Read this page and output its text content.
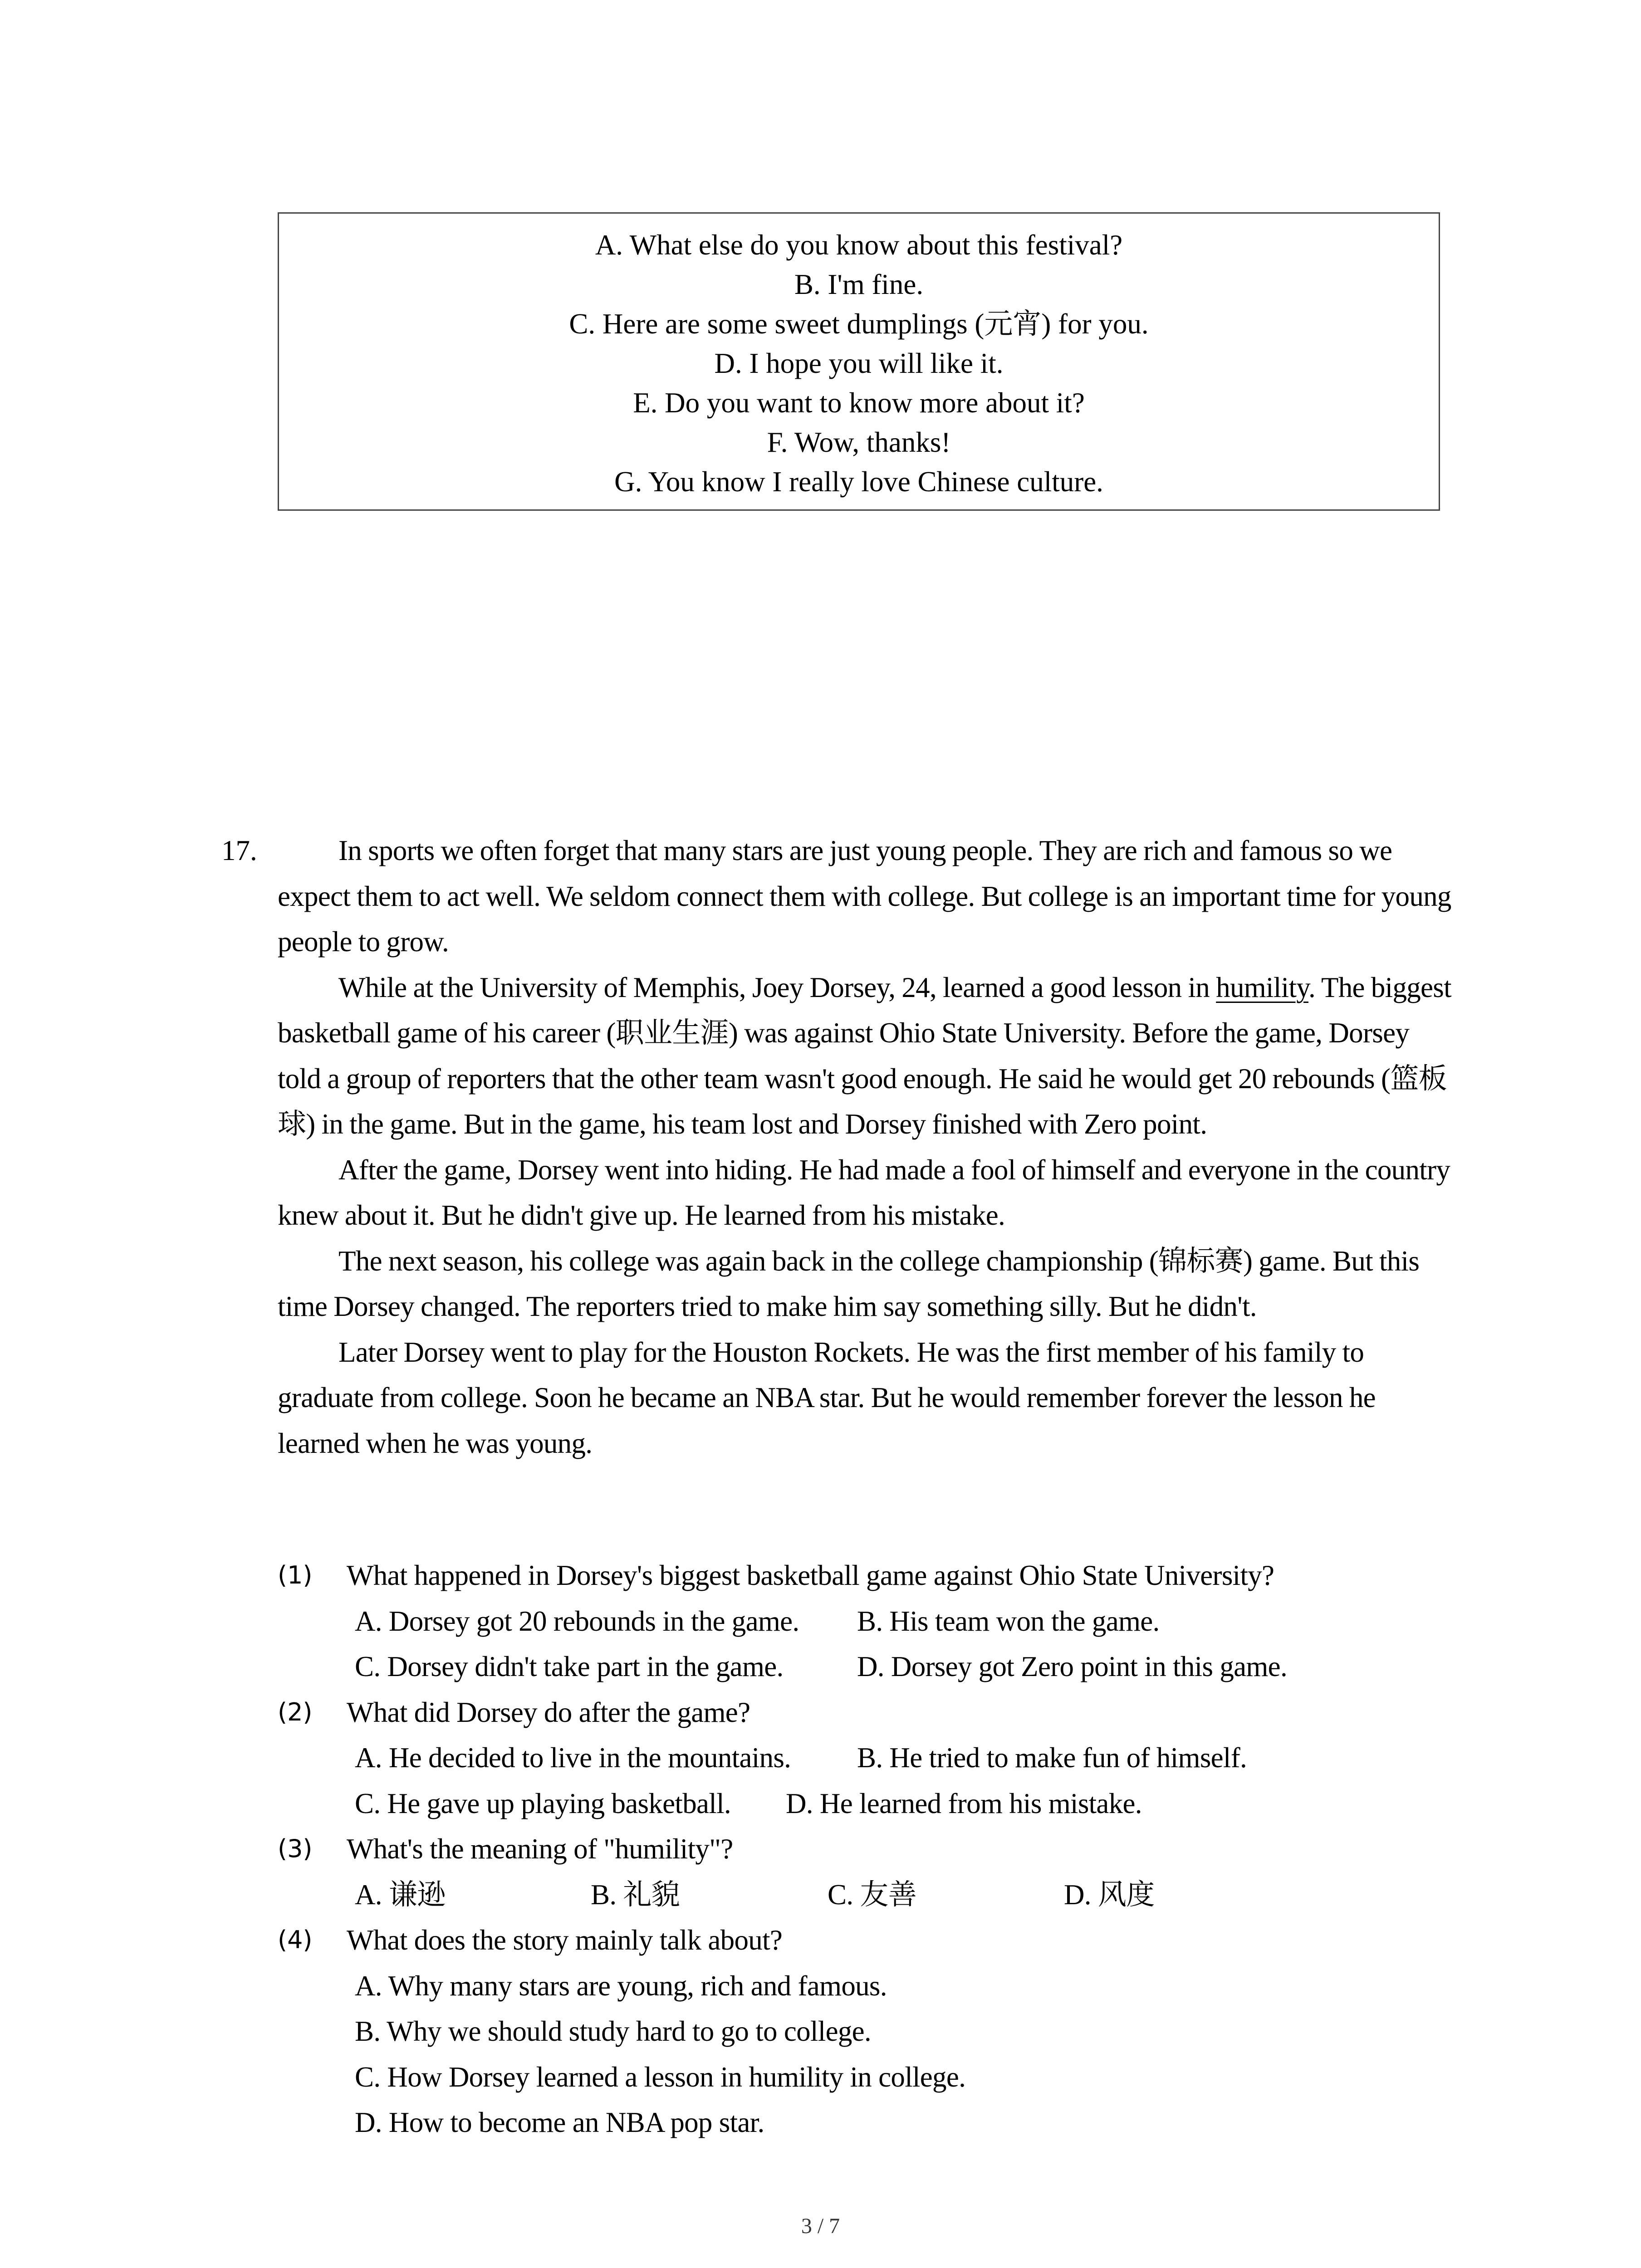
A. What else do you know about this festival?
B. I'm fine.
C. Here are some sweet dumplings (元宵) for you.
D. I hope you will like it.
E. Do you want to know more about it?
F. Wow, thanks!
G. You know I really love Chinese culture.
17.	In sports we often forget that many stars are just young people. They are rich and famous so we expect them to act well. We seldom connect them with college. But college is an important time for young people to grow.

While at the University of Memphis, Joey Dorsey, 24, learned a good lesson in humility. The biggest basketball game of his career (职业生涯) was against Ohio State University. Before the game, Dorsey told a group of reporters that the other team wasn't good enough. He said he would get 20 rebounds (篮板球) in the game. But in the game, his team lost and Dorsey finished with Zero point.

After the game, Dorsey went into hiding. He had made a fool of himself and everyone in the country knew about it. But he didn't give up. He learned from his mistake.

The next season, his college was again back in the college championship (锦标赛) game. But this time Dorsey changed. The reporters tried to make him say something silly. But he didn't.

Later Dorsey went to play for the Houston Rockets. He was the first member of his family to graduate from college. Soon he became an NBA star. But he would remember forever the lesson he learned when he was young.

(1) What happened in Dorsey's biggest basketball game against Ohio State University?
A. Dorsey got 20 rebounds in the game. B. His team won the game.
C. Dorsey didn't take part in the game.	D. Dorsey got Zero point in this game.
(2) What did Dorsey do after the game?
A. He decided to live in the mountains. B. He tried to make fun of himself.
C. He gave up playing basketball. D. He learned from his mistake.
(3) What's the meaning of "humility"?
A. 谦逊	B. 礼貌	C. 友善	D. 风度
(4) What does the story mainly talk about?
A. Why many stars are young, rich and famous.
B. Why we should study hard to go to college.
C. How Dorsey learned a lesson in humility in college.
D. How to become an NBA pop star.
3 / 7
